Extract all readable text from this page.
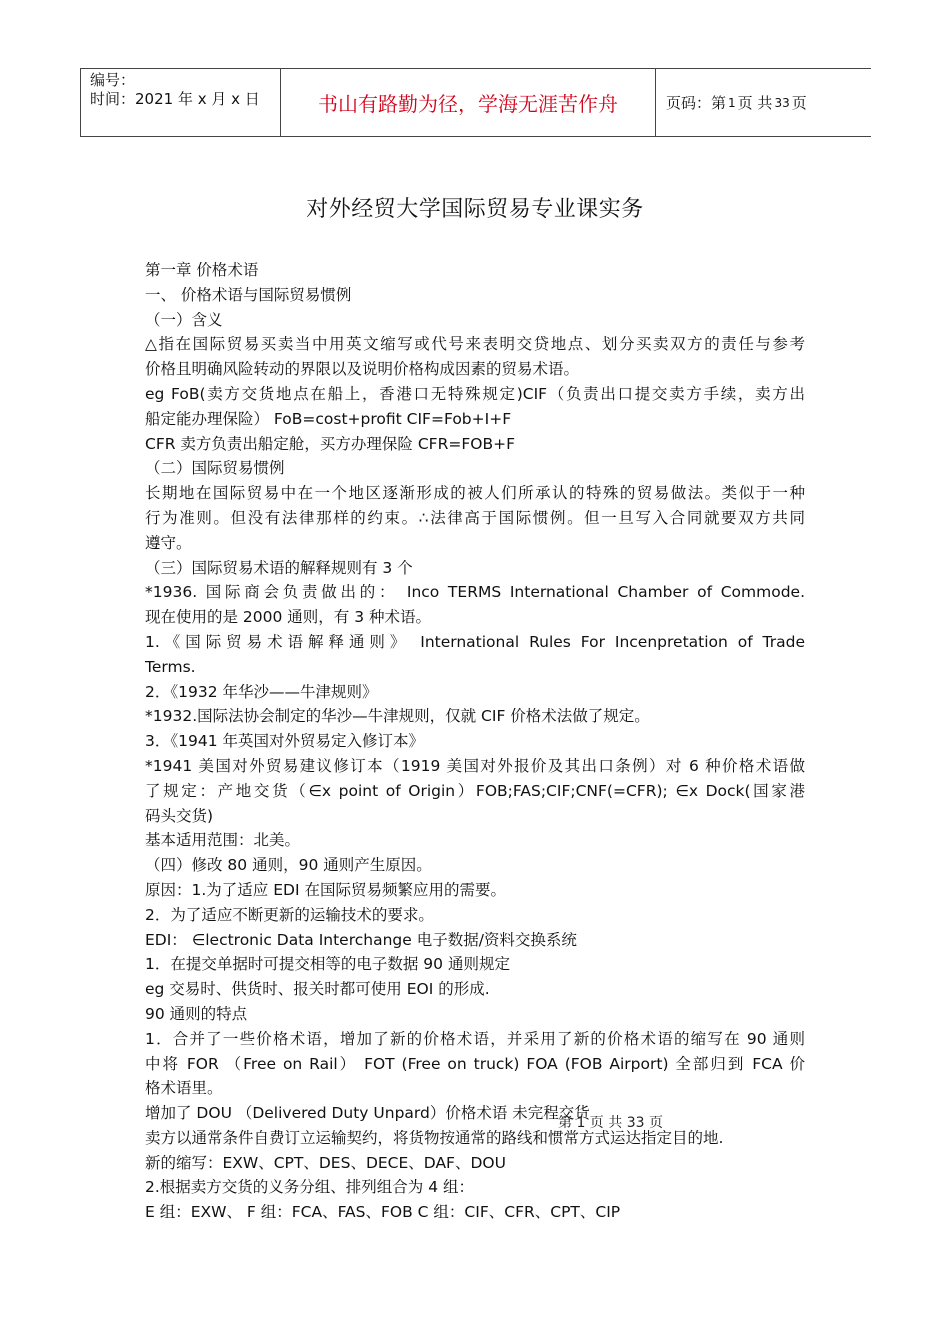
编号：
时间：2021 年 x 月 x 日	书山有路勤为径，学海无涯苦作舟	页码：第 1 页 共 33 页
对外经贸大学国际贸易专业课实务
第一章 价格术语
一、 价格术语与国际贸易惯例
（一）含义
△指在国际贸易买卖当中用英文缩写或代号来表明交贷地点、划分买卖双方的责任与参考
价格且明确风险转动的界限以及说明价格构成因素的贸易术语。
eg FoB(卖方交货地点在船上，香港口无特殊规定)CIF（负责出口提交卖方手续，卖方出
船定能办理保险） FoB=cost+profit CIF=Fob+I+F
CFR 卖方负责出船定舱，买方办理保险 CFR=FOB+F
（二）国际贸易惯例
长期地在国际贸易中在一个地区逐渐形成的被人们所承认的特殊的贸易做法。类似于一种
行为准则。但没有法律那样的约束。∴法律高于国际惯例。但一旦写入合同就要双方共同
遵守。
（三）国际贸易术语的解释规则有 3 个
*1936. 国际商会负责做出的： Inco TERMS International Chamber of Commode.
现在使用的是 2000 通则，有 3 种术语。
1.《国际贸易术语解释通则》 International Rules For Incenpretation of Trade
Terms.
2．《1932 年华沙——牛津规则》
*1932.国际法协会制定的华沙—牛津规则，仅就 CIF 价格术法做了规定。
3．《1941 年英国对外贸易定入修订本》
*1941 美国对外贸易建议修订本（1919 美国对外报价及其出口条例）对 6 种价格术语做
了规定：产地交货（∈x point of Origin）FOB;FAS;CIF;CNF(=CFR); ∈x Dock(国家港
码头交货)
基本适用范围：北美。
（四）修改 80 通则，90 通则产生原因。
原因：1.为了适应 EDI 在国际贸易频繁应用的需要。
2．为了适应不断更新的运输技术的要求。
EDI： ∈lectronic Data Interchange 电子数据/资料交换系统
1．在提交单据时可提交相等的电子数据 90 通则规定
eg 交易时、供货时、报关时都可使用 EOI 的形成.
90 通则的特点
1．合并了一些价格术语，增加了新的价格术语，并采用了新的价格术语的缩写在 90 通则
中将 FOR （Free on Rail） FOT (Free on truck) FOA (FOB Airport) 全部归到 FCA 价
格术语里。
增加了 DOU （Delivered Duty Unpard）价格术语 未完程交货
卖方以通常条件自费订立运输契约，将货物按通常的路线和惯常方式运达指定目的地.
新的缩写：EXW、CPT、DES、DECE、DAF、DOU
2.根据卖方交货的义务分组、排列组合为 4 组：
E 组：EXW、 F 组：FCA、FAS、FOB C 组：CIF、CFR、CPT、CIP
第 1 页 共 33 页
